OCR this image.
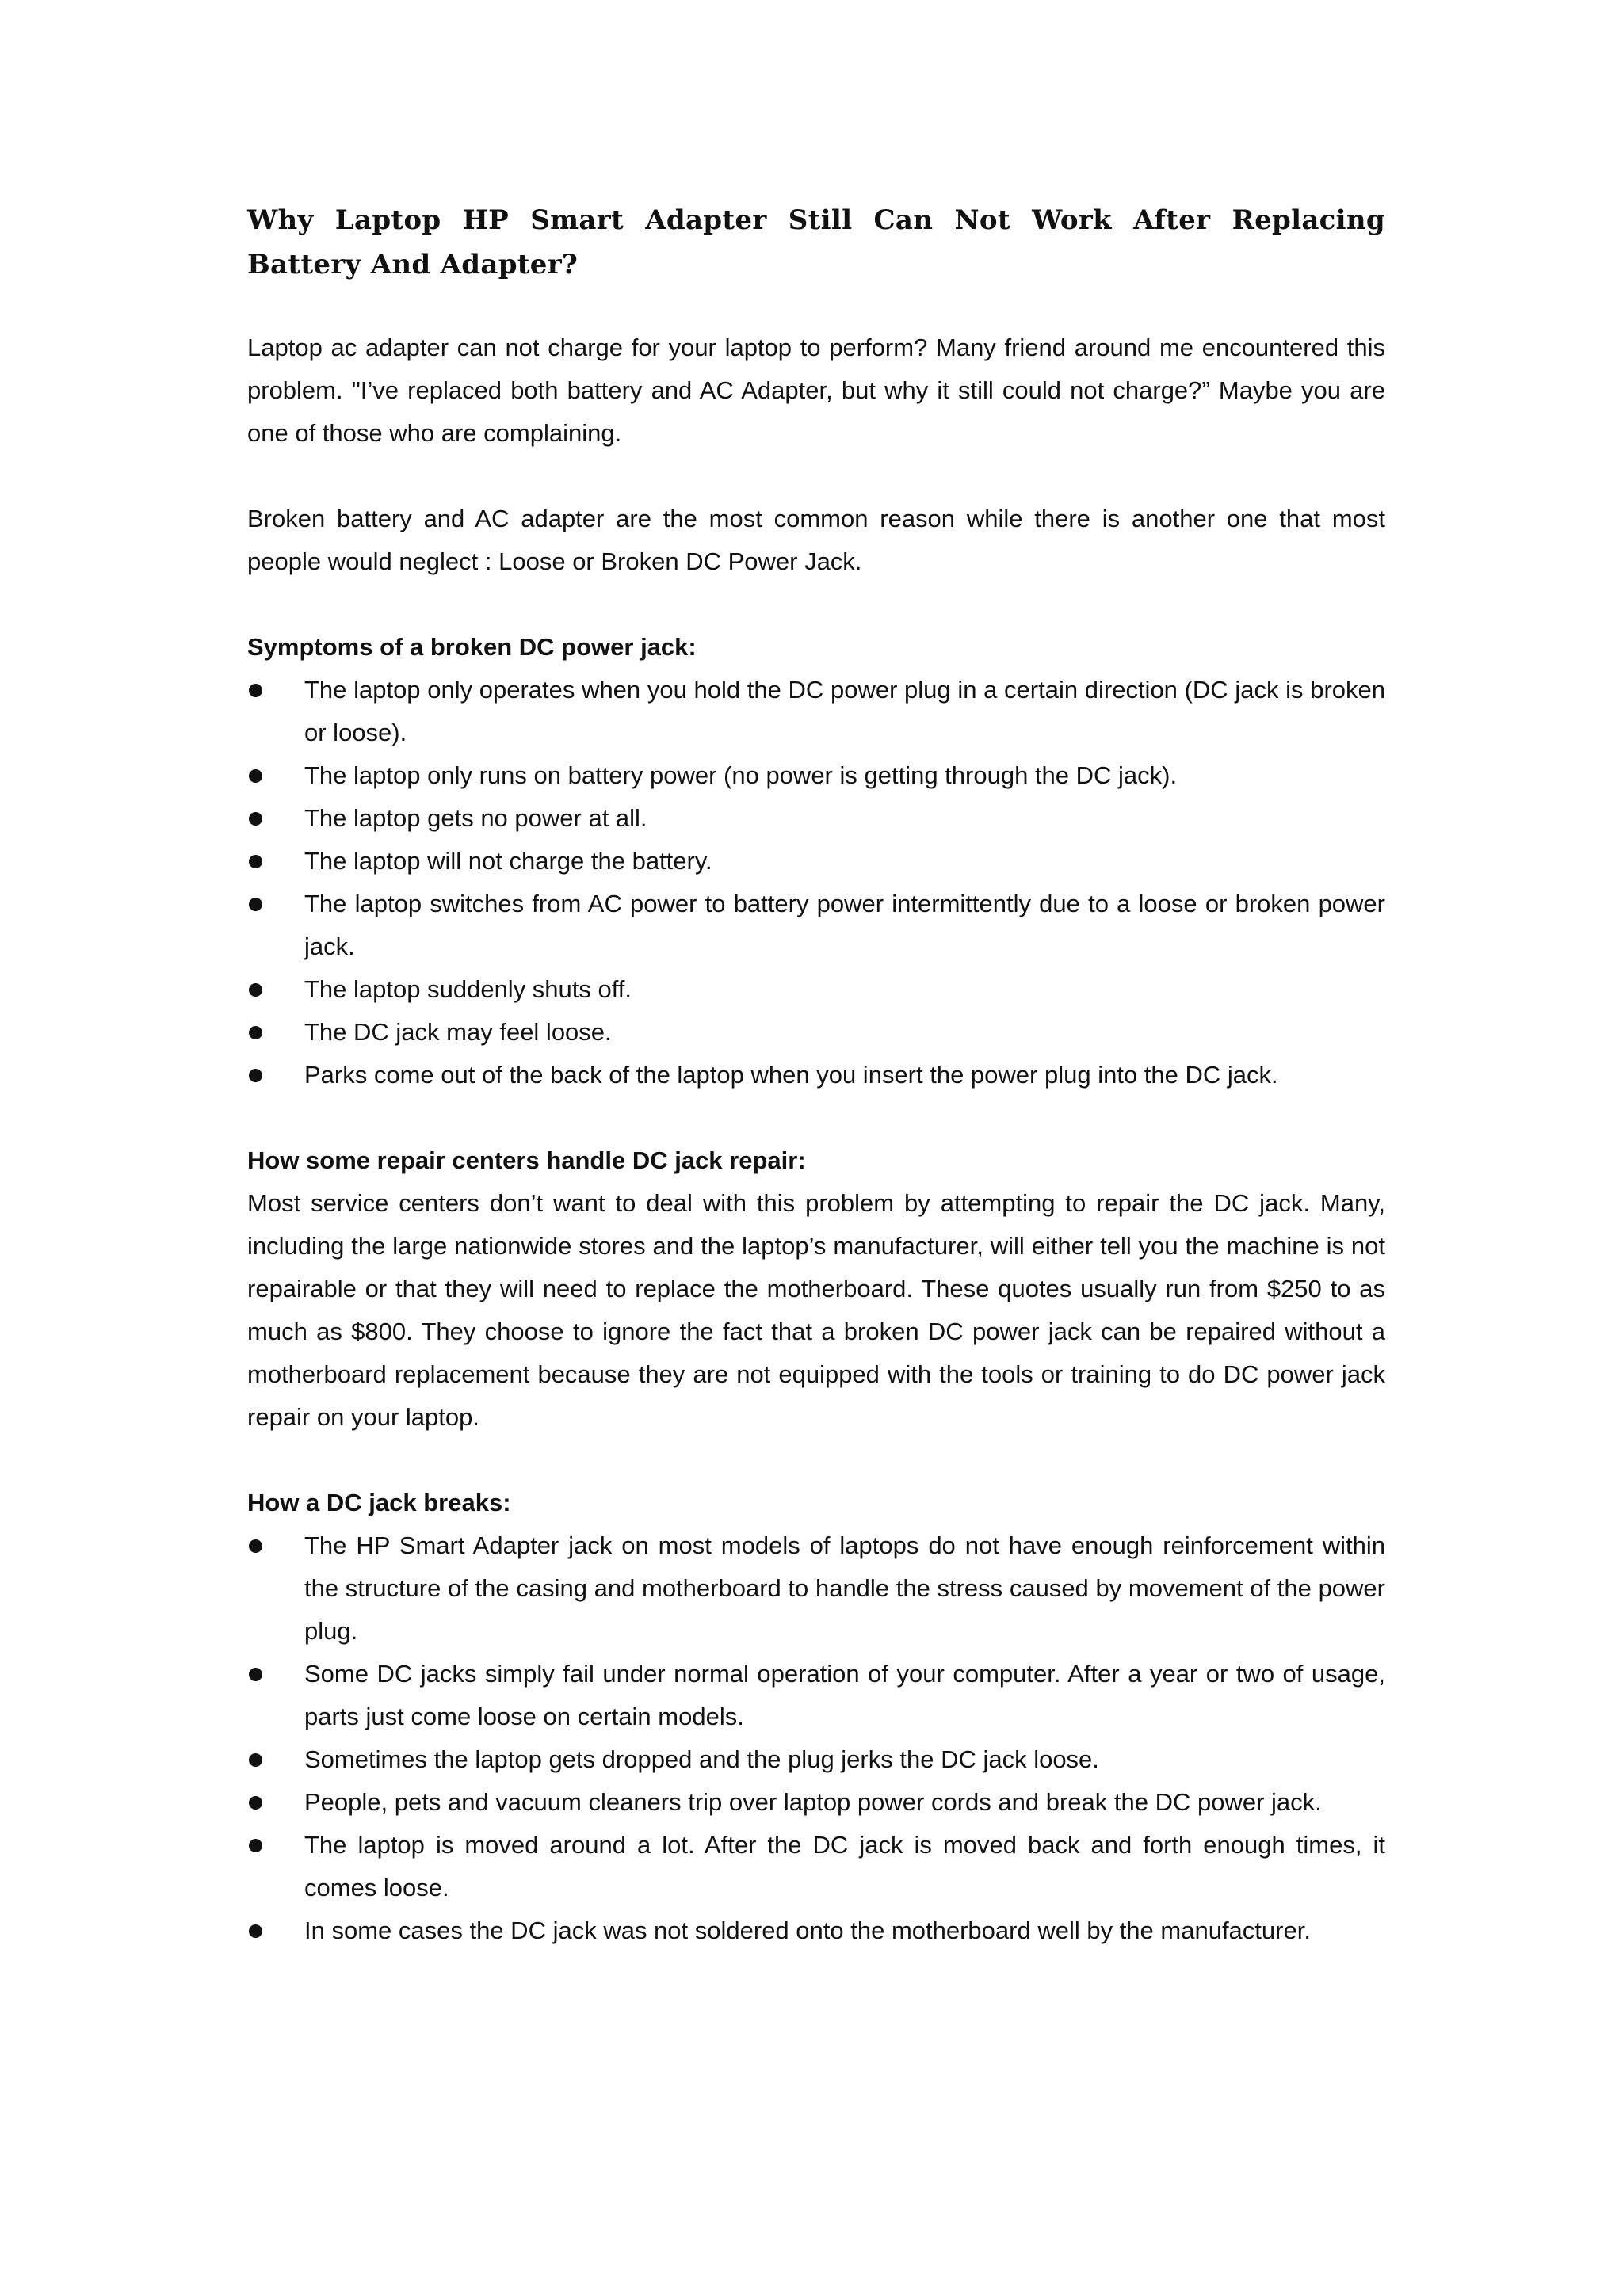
Why Laptop HP Smart Adapter Still Can Not Work After Replacing Battery And Adapter?

Laptop ac adapter can not charge for your laptop to perform? Many friend around me encountered this problem. "I’ve replaced both battery and AC Adapter, but why it still could not charge?” Maybe you are one of those who are complaining.

Broken battery and AC adapter are the most common reason while there is another one that most people would neglect : Loose or Broken DC Power Jack.

Symptoms of a broken DC power jack:

The laptop only operates when you hold the DC power plug in a certain direction (DC jack is broken or loose).
The laptop only runs on battery power (no power is getting through the DC jack).
The laptop gets no power at all.
The laptop will not charge the battery.
The laptop switches from AC power to battery power intermittently due to a loose or broken power jack.
The laptop suddenly shuts off.
The DC jack may feel loose.
Parks come out of the back of the laptop when you insert the power plug into the DC jack.

How some repair centers handle DC jack repair:

Most service centers don’t want to deal with this problem by attempting to repair the DC jack. Many, including the large nationwide stores and the laptop’s manufacturer, will either tell you the machine is not repairable or that they will need to replace the motherboard. These quotes usually run from $250 to as much as $800. They choose to ignore the fact that a broken DC power jack can be repaired without a motherboard replacement because they are not equipped with the tools or training to do DC power jack repair on your laptop.

How a DC jack breaks:

The HP Smart Adapter jack on most models of laptops do not have enough reinforcement within the structure of the casing and motherboard to handle the stress caused by movement of the power plug.
Some DC jacks simply fail under normal operation of your computer. After a year or two of usage, parts just come loose on certain models.
Sometimes the laptop gets dropped and the plug jerks the DC jack loose.
People, pets and vacuum cleaners trip over laptop power cords and break the DC power jack.
The laptop is moved around a lot. After the DC jack is moved back and forth enough times, it comes loose.
In some cases the DC jack was not soldered onto the motherboard well by the manufacturer.
